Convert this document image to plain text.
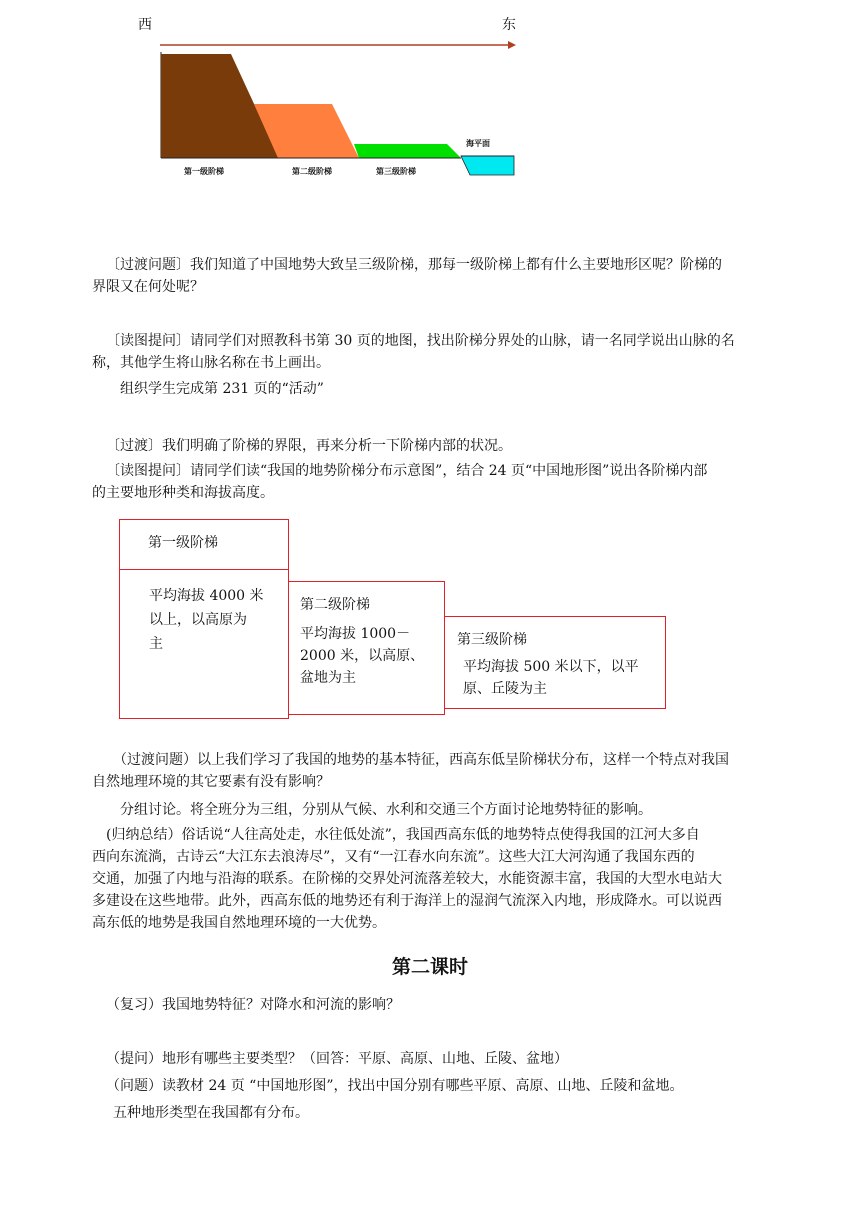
西	东
海平面
第一级阶梯	第二级阶梯	第三级阶梯
〔过渡问题〕我们知道了中国地势大致呈三级阶梯，那每一级阶梯上都有什么主要地形区呢？阶梯的
界限又在何处呢？
〔读图提问〕请同学们对照教科书第 30 页的地图，找出阶梯分界处的山脉，请一名同学说出山脉的名
称，其他学生将山脉名称在书上画出。
组织学生完成第 231 页的“活动”
〔过渡〕我们明确了阶梯的界限，再来分析一下阶梯内部的状况。
〔读图提问〕请同学们读“我国的地势阶梯分布示意图”，结合 24 页“中国地形图”说出各阶梯内部
的主要地形种类和海拔高度。
第一级阶梯
平均海拔 4000 米
以上，以高原为
主
第二级阶梯
平均海拔 1000－
2000 米，以高原、
盆地为主
第三级阶梯
平均海拔 500 米以下，以平
原、丘陵为主
（过渡问题）以上我们学习了我国的地势的基本特征，西高东低呈阶梯状分布，这样一个特点对我国
自然地理环境的其它要素有没有影响？
分组讨论。将全班分为三组，分别从气候、水利和交通三个方面讨论地势特征的影响。
(归纳总结）俗话说“人往高处走，水往低处流”，我国西高东低的地势特点使得我国的江河大多自
西向东流淌，古诗云“大江东去浪涛尽”，又有“一江春水向东流”。这些大江大河沟通了我国东西的
交通，加强了内地与沿海的联系。在阶梯的交界处河流落差较大，水能资源丰富，我国的大型水电站大
多建设在这些地带。此外，西高东低的地势还有利于海洋上的湿润气流深入内地，形成降水。可以说西
高东低的地势是我国自然地理环境的一大优势。
第二课时
（复习）我国地势特征？对降水和河流的影响？
（提问）地形有哪些主要类型？（回答：平原、高原、山地、丘陵、盆地）
（问题）读教材 24 页 “中国地形图”，找出中国分别有哪些平原、高原、山地、丘陵和盆地。
五种地形类型在我国都有分布。
